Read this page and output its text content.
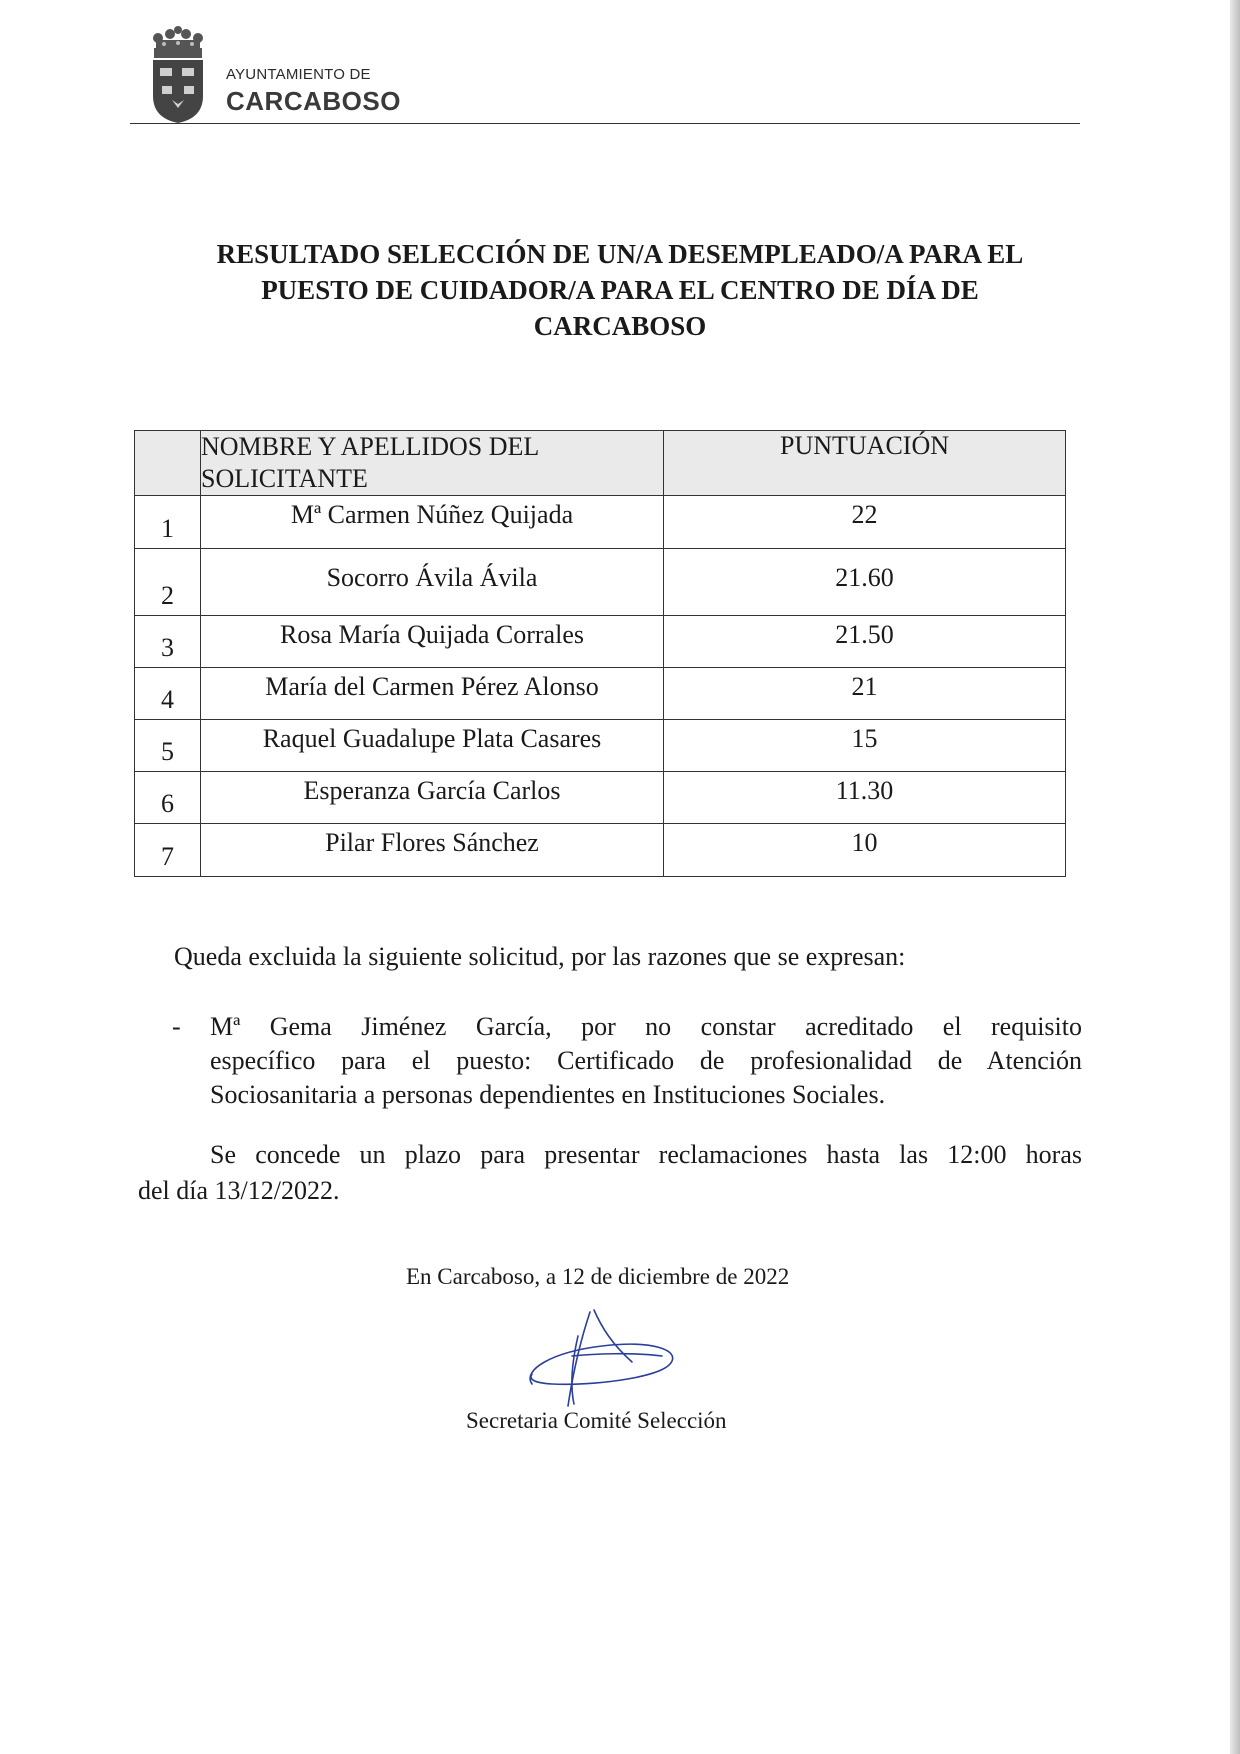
AYUNTAMIENTO DE
CARCABOSO
RESULTADO SELECCIÓN DE UN/A DESEMPLEADO/A PARA EL
PUESTO DE CUIDADOR/A PARA EL CENTRO DE DÍA DE
CARCABOSO
	NOMBRE Y APELLIDOS DEL SOLICITANTE	PUNTUACIÓN
1	Mª Carmen Núñez Quijada	22
2	Socorro Ávila Ávila	21.60
3	Rosa María Quijada Corrales	21.50
4	María del Carmen Pérez Alonso	21
5	Raquel Guadalupe Plata Casares	15
6	Esperanza García Carlos	11.30
7	Pilar Flores Sánchez	10
Queda excluida la siguiente solicitud, por las razones que se expresan:
- Mª Gema Jiménez García, por no constar acreditado el requisito
específico para el puesto: Certificado de profesionalidad de Atención
Sociosanitaria a personas dependientes en Instituciones Sociales.
Se concede un plazo para presentar reclamaciones hasta las 12:00 horas
del día 13/12/2022.
En Carcaboso, a 12 de diciembre de 2022
Secretaria Comité Selección
